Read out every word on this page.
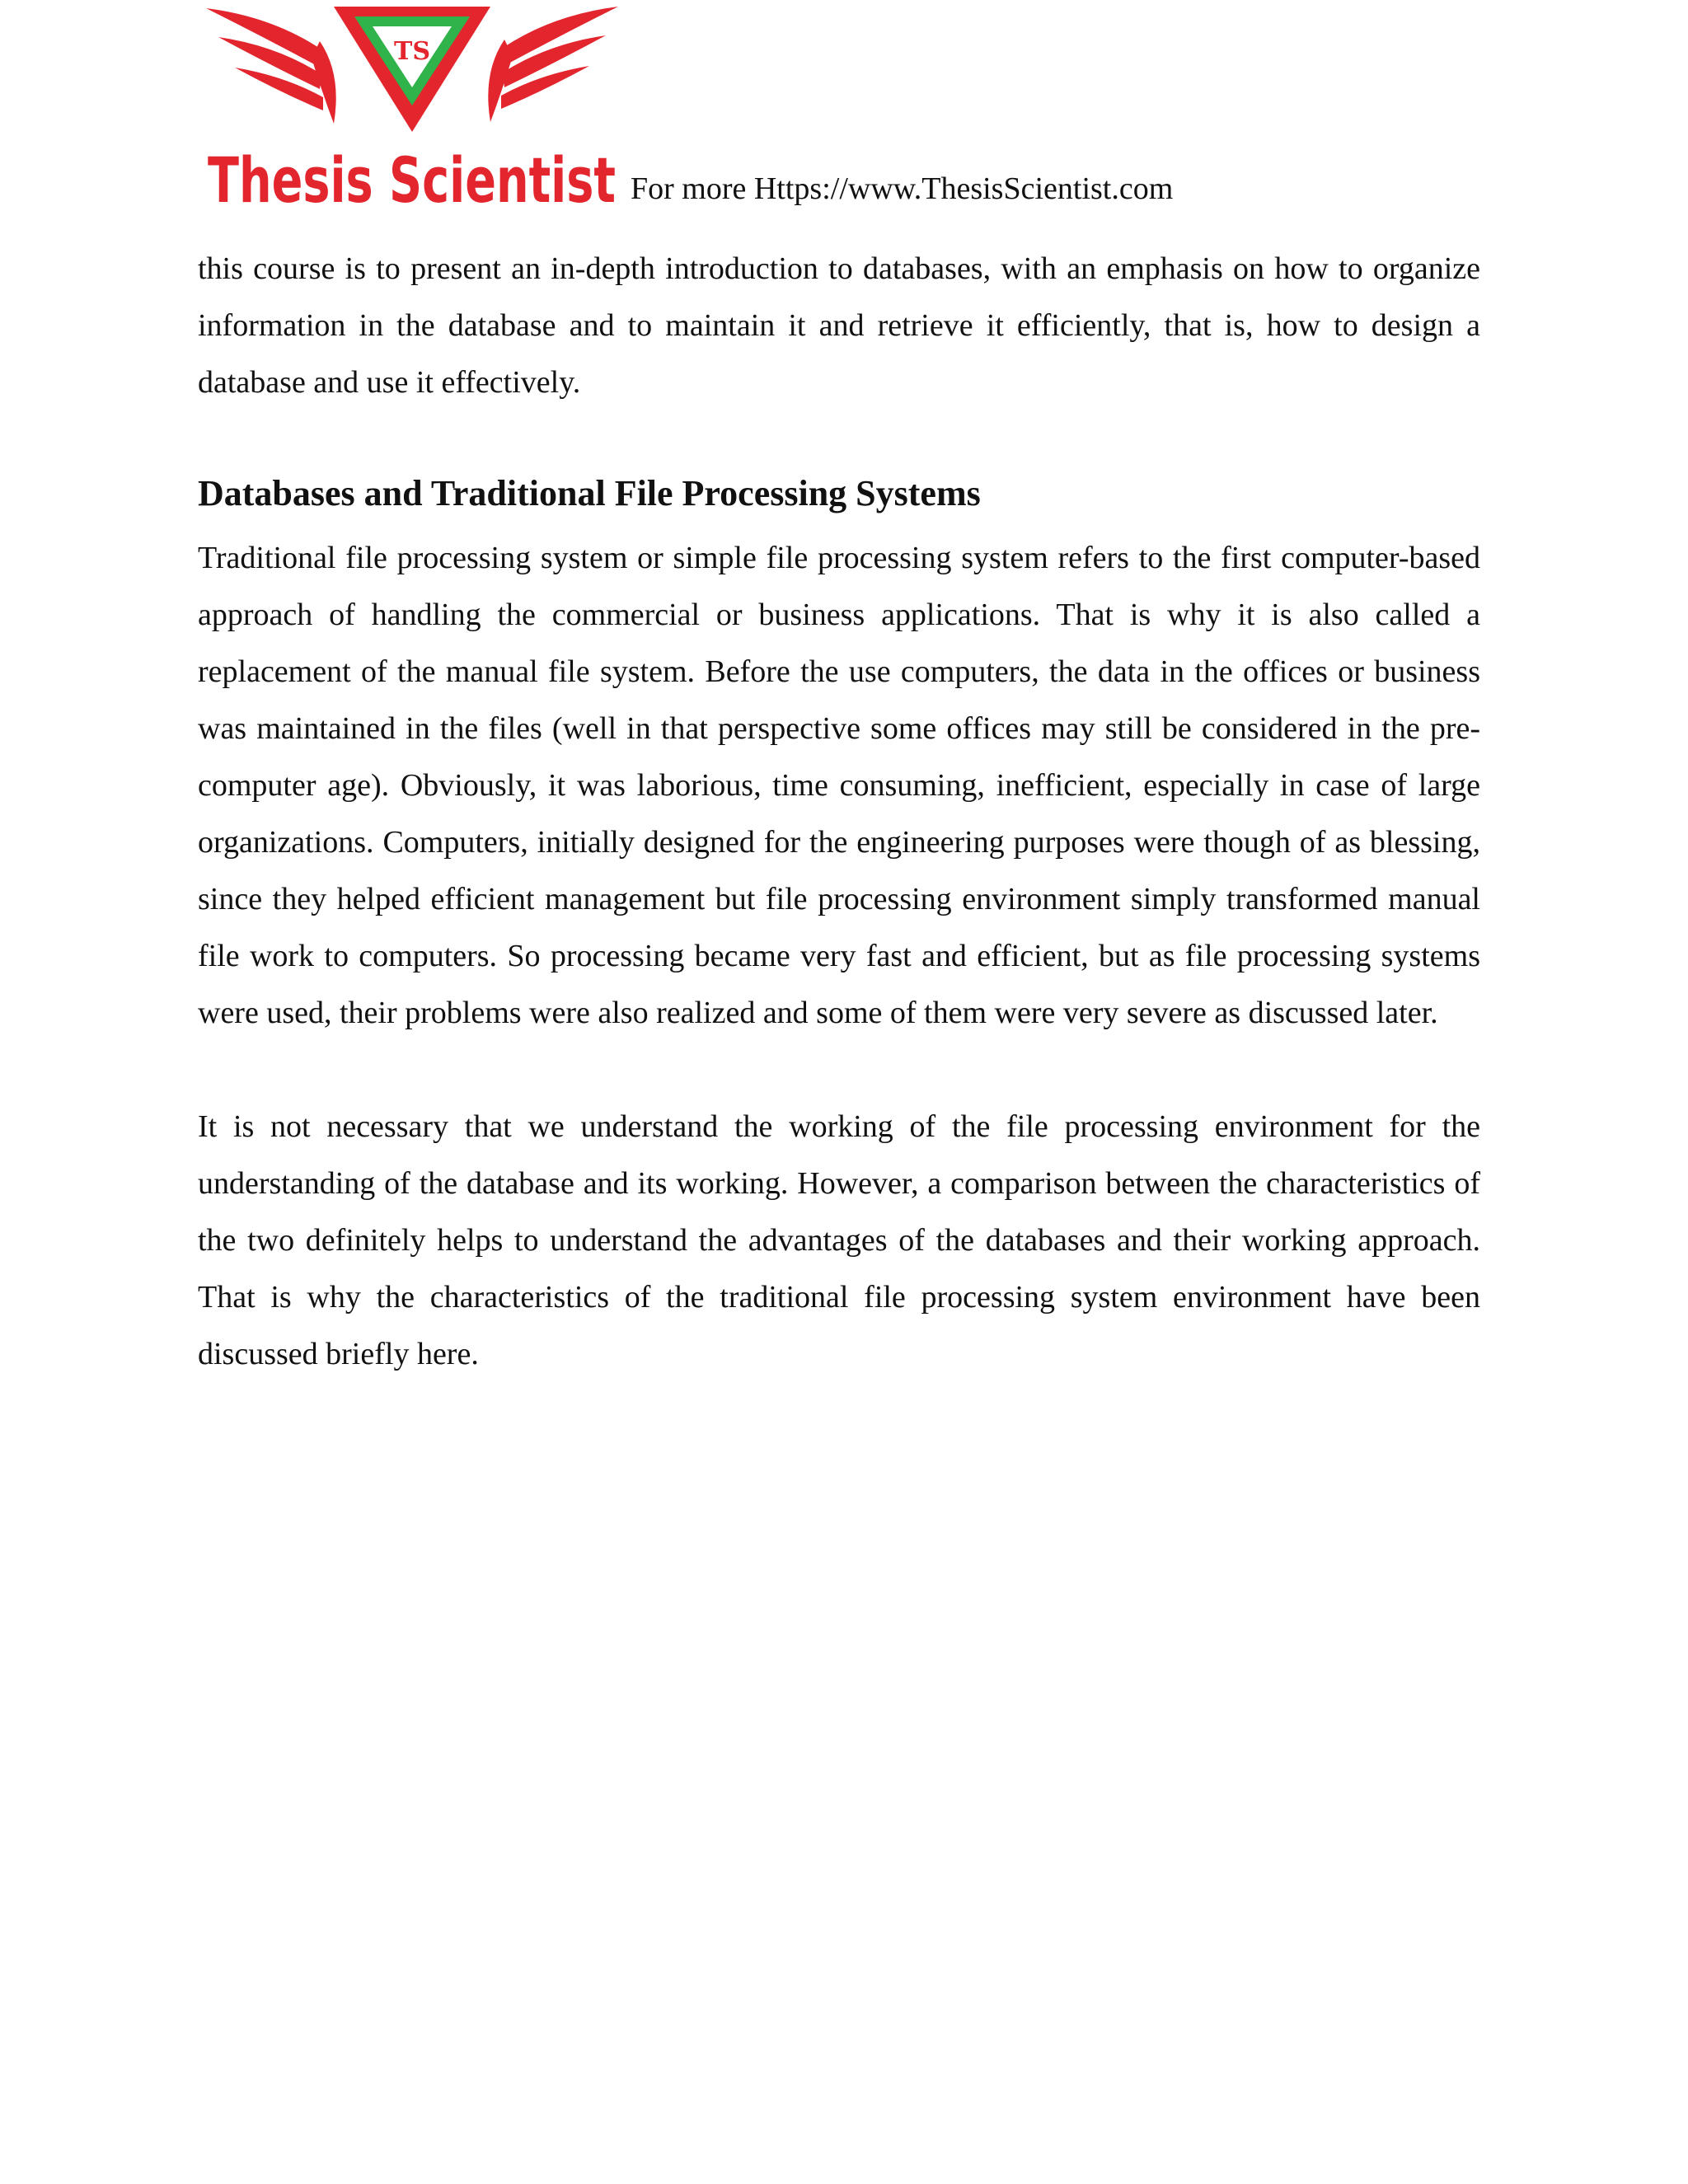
TS
Thesis Scientist For more Https://www.ThesisScientist.com

this course is to present an in-depth introduction to databases, with an emphasis on how to organize information in the database and to maintain it and retrieve it efficiently, that is, how to design a database and use it effectively.

Databases and Traditional File Processing Systems

Traditional file processing system or simple file processing system refers to the first computer-based approach of handling the commercial or business applications. That is why it is also called a replacement of the manual file system. Before the use computers, the data in the offices or business was maintained in the files (well in that perspective some offices may still be considered in the pre-computer age). Obviously, it was laborious, time consuming, inefficient, especially in case of large organizations. Computers, initially designed for the engineering purposes were though of as blessing, since they helped efficient management but file processing environment simply transformed manual file work to computers. So processing became very fast and efficient, but as file processing systems were used, their problems were also realized and some of them were very severe as discussed later.

It is not necessary that we understand the working of the file processing environment for the understanding of the database and its working. However, a comparison between the characteristics of the two definitely helps to understand the advantages of the databases and their working approach. That is why the characteristics of the traditional file processing system environment have been discussed briefly here.
